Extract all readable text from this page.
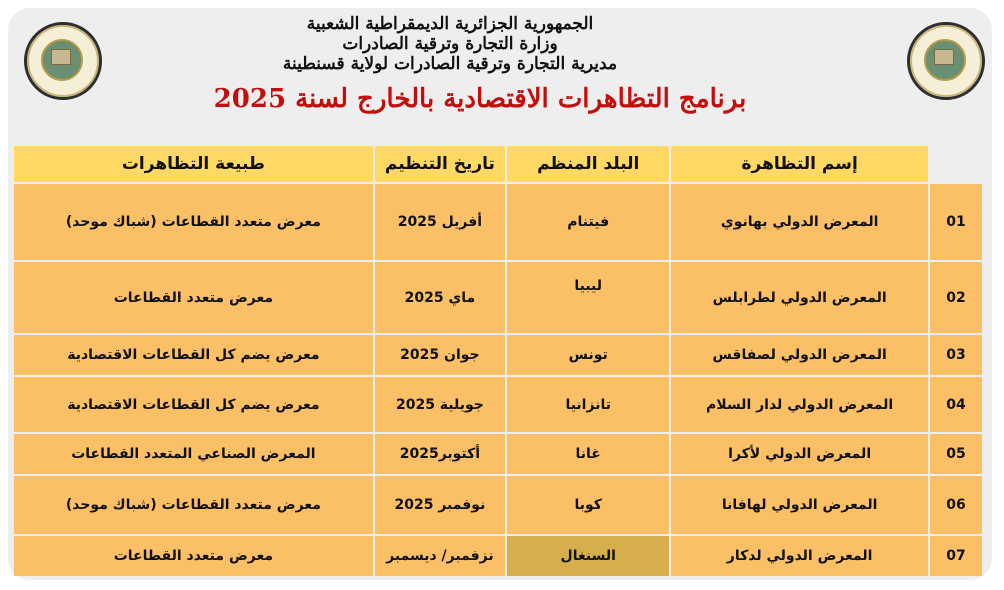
الجمهورية الجزائرية الديمقراطية الشعبية
وزارة التجارة وترقية الصادرات
مديرية التجارة وترقية الصادرات لولاية قسنطينة
برنامج التظاهرات الاقتصادية بالخارج لسنة 2025
	إسم التظاهرة	البلد المنظم	تاريخ التنظيم	طبيعة التظاهرات
01	المعرض الدولي بهانوي	فيتنام	أفريل 2025	معرض متعدد القطاعات (شباك موحد)
02	المعرض الدولي لطرابلس	ليبيا	ماي 2025	معرض متعدد القطاعات
03	المعرض الدولي لصفاقس	تونس	جوان 2025	معرض يضم كل القطاعات الاقتصادية
04	المعرض الدولي لدار السلام	تانزانيا	جويلية 2025	معرض يضم كل القطاعات الاقتصادية
05	المعرض الدولي لأكرا	غانا	أكتوبر2025	المعرض الصناعي المتعدد القطاعات
06	المعرض الدولي لهافانا	كوبا	نوفمبر 2025	معرض متعدد القطاعات (شباك موحد)
07	المعرض الدولي لدكار	السنغال	نزفمبر/ ديسمبر	معرض متعدد القطاعات
